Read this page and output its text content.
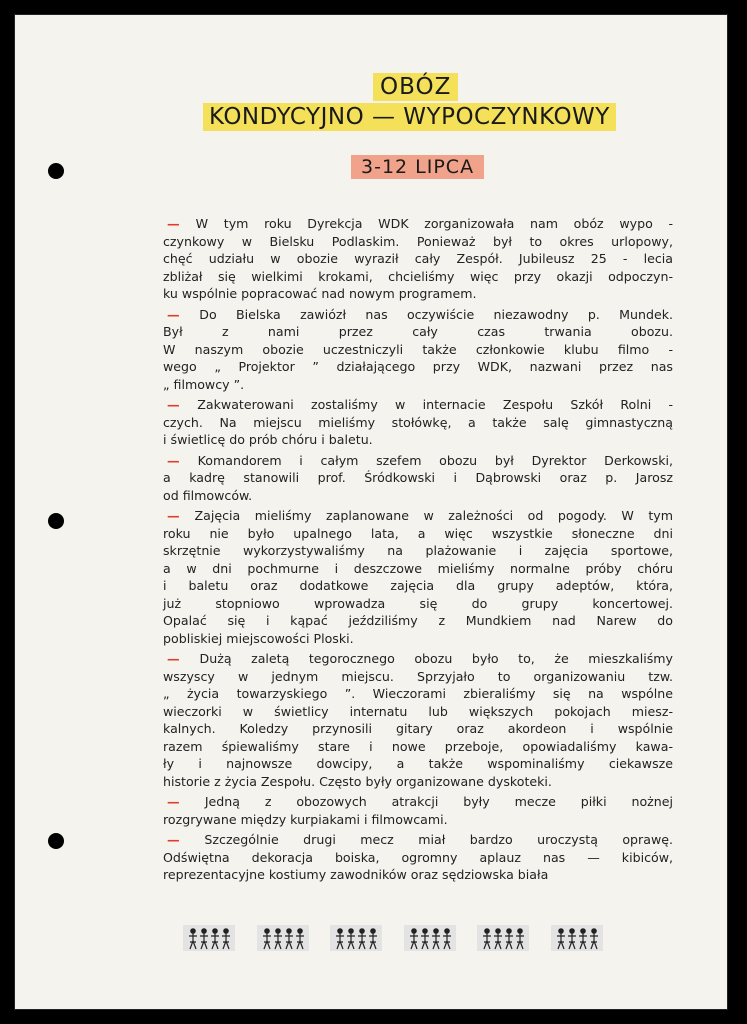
OBÓZ
KONDYCYJNO — WYPOCZYNKOWY
3-12 LIPCA
— W tym roku Dyrekcja WDK zorganizowała nam obóz wypo -
czynkowy w Bielsku Podlaskim. Ponieważ był to okres urlopowy,
chęć udziału w obozie wyraził cały Zespół. Jubileusz 25 - lecia
zbliżał się wielkimi krokami, chcieliśmy więc przy okazji odpoczyn-
ku wspólnie popracować nad nowym programem.
— Do Bielska zawiózł nas oczywiście niezawodny p. Mundek.
Był z nami przez cały czas trwania obozu.
W naszym obozie uczestniczyli także członkowie klubu filmo -
wego „ Projektor ” działającego przy WDK, nazwani przez nas
„ filmowcy ”.
— Zakwaterowani zostaliśmy w internacie Zespołu Szkół Rolni -
czych. Na miejscu mieliśmy stołówkę, a także salę gimnastyczną
i świetlicę do prób chóru i baletu.
— Komandorem i całym szefem obozu był Dyrektor Derkowski,
a kadrę stanowili prof. Śródkowski i Dąbrowski oraz p. Jarosz
od filmowców.
— Zajęcia mieliśmy zaplanowane w zależności od pogody. W tym
roku nie było upalnego lata, a więc wszystkie słoneczne dni
skrzętnie wykorzystywaliśmy na plażowanie i zajęcia sportowe,
a w dni pochmurne i deszczowe mieliśmy normalne próby chóru
i baletu oraz dodatkowe zajęcia dla grupy adeptów, która,
już stopniowo wprowadza się do grupy koncertowej.
Opalać się i kąpać jeździliśmy z Mundkiem nad Narew do
pobliskiej miejscowości Ploski.
— Dużą zaletą tegorocznego obozu było to, że mieszkaliśmy
wszyscy w jednym miejscu. Sprzyjało to organizowaniu tzw.
„ życia towarzyskiego ”. Wieczorami zbieraliśmy się na wspólne
wieczorki w świetlicy internatu lub większych pokojach miesz-
kalnych. Koledzy przynosili gitary oraz akordeon i wspólnie
razem śpiewaliśmy stare i nowe przeboje, opowiadaliśmy kawa-
ły i najnowsze dowcipy, a także wspominaliśmy ciekawsze
historie z życia Zespołu. Często były organizowane dyskoteki.
— Jedną z obozowych atrakcji były mecze piłki nożnej
rozgrywane między kurpiakami i filmowcami.
— Szczególnie drugi mecz miał bardzo uroczystą oprawę.
Odświętna dekoracja boiska, ogromny aplauz nas — kibiców,
reprezentacyjne kostiumy zawodników oraz sędziowska biała
